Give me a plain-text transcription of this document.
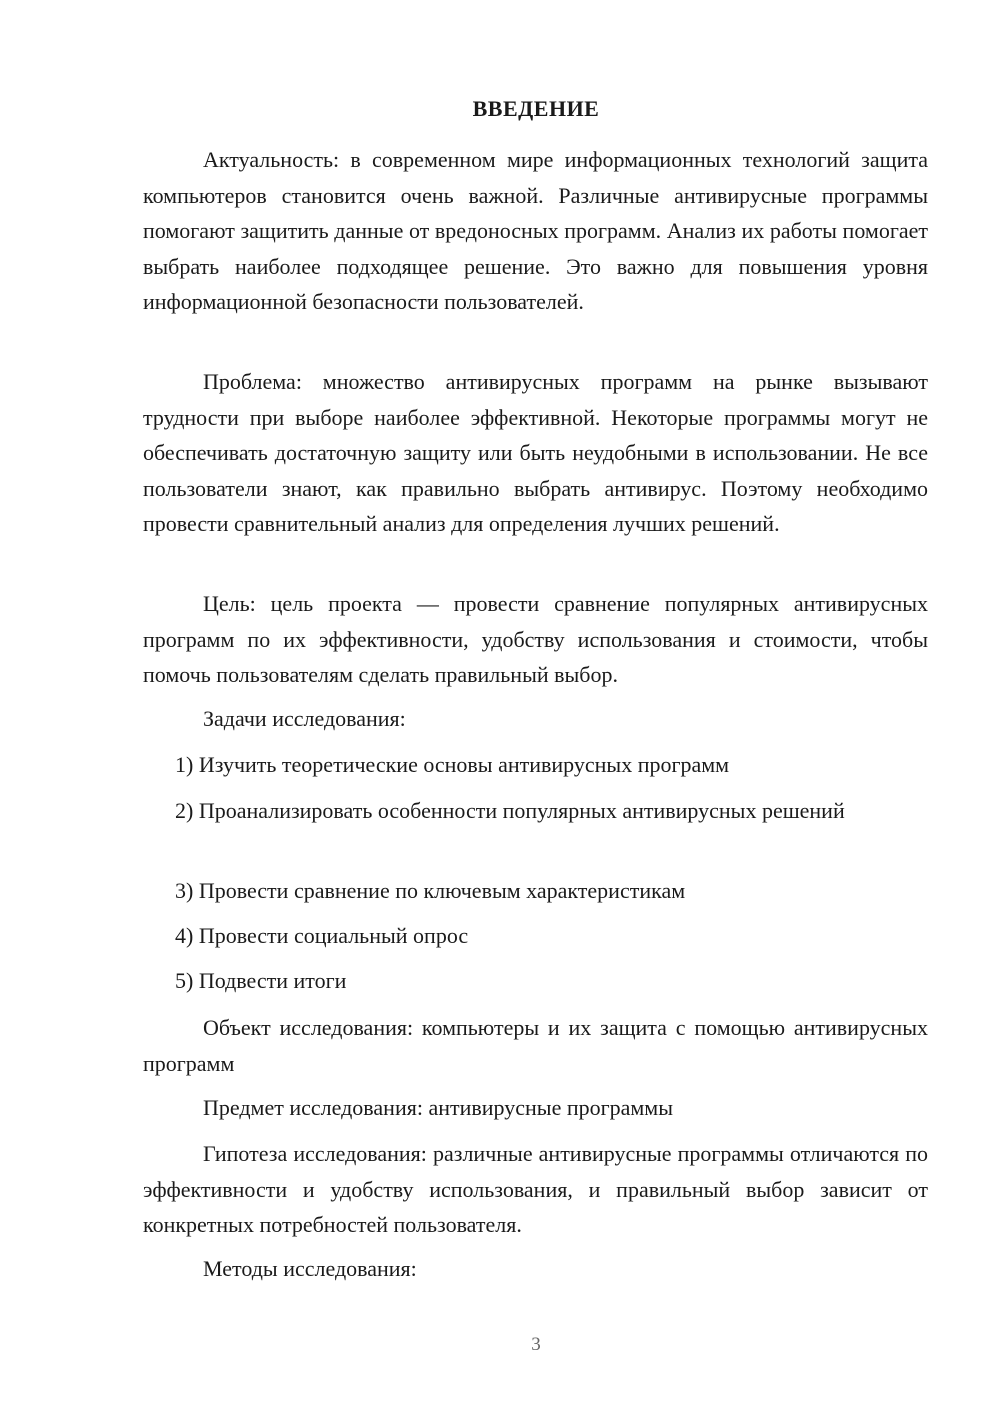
ВВЕДЕНИЕ

Актуальность: в современном мире информационных технологий защита компьютеров становится очень важной. Различные антивирусные программы помогают защитить данные от вредоносных программ. Анализ их работы помогает выбрать наиболее подходящее решение. Это важно для повышения уровня информационной безопасности пользователей.

Проблема: множество антивирусных программ на рынке вызывают трудности при выборе наиболее эффективной. Некоторые программы могут не обеспечивать достаточную защиту или быть неудобными в использовании. Не все пользователи знают, как правильно выбрать антивирус. Поэтому необходимо провести сравнительный анализ для определения лучших решений.

Цель: цель проекта — провести сравнение популярных антивирусных программ по их эффективности, удобству использования и стоимости, чтобы помочь пользователям сделать правильный выбор.

Задачи исследования:

1) Изучить теоретические основы антивирусных программ

2) Проанализировать особенности популярных антивирусных решений

3) Провести сравнение по ключевым характеристикам

4) Провести социальный опрос

5) Подвести итоги

Объект исследования: компьютеры и их защита с помощью антивирусных программ

Предмет исследования: антивирусные программы

Гипотеза исследования: различные антивирусные программы отличаются по эффективности и удобству использования, и правильный выбор зависит от конкретных потребностей пользователя.

Методы исследования:

3
